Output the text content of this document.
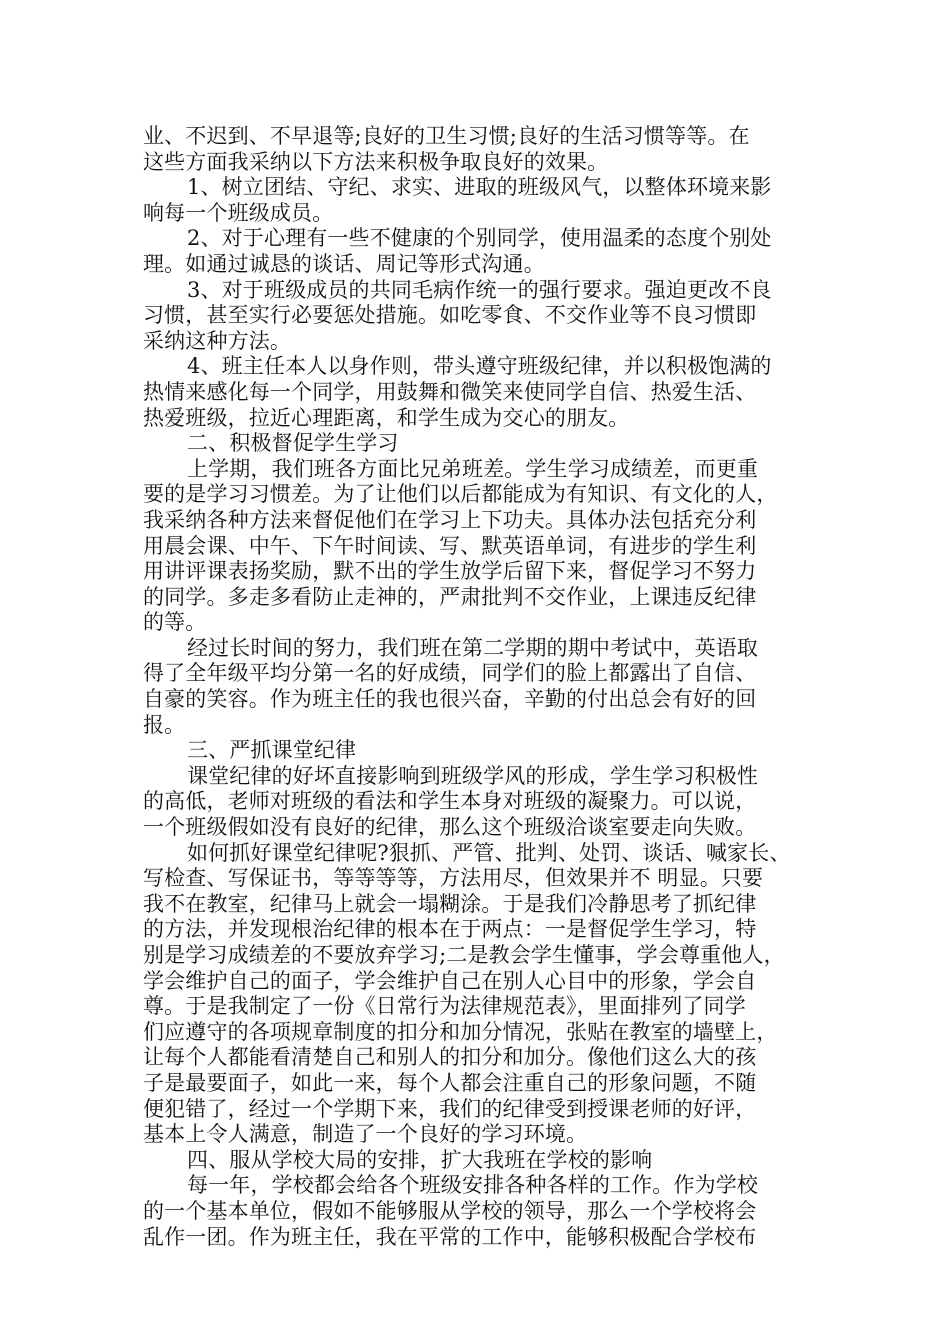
业、不迟到、不早退等;良好的卫生习惯;良好的生活习惯等等。在
这些方面我采纳以下方法来积极争取良好的效果。
1、树立团结、守纪、求实、进取的班级风气，以整体环境来影
响每一个班级成员。
2、对于心理有一些不健康的个别同学，使用温柔的态度个别处
理。如通过诚恳的谈话、周记等形式沟通。
3、对于班级成员的共同毛病作统一的强行要求。强迫更改不良
习惯，甚至实行必要惩处措施。如吃零食、不交作业等不良习惯即
采纳这种方法。
4、班主任本人以身作则，带头遵守班级纪律，并以积极饱满的
热情来感化每一个同学，用鼓舞和微笑来使同学自信、热爱生活、
热爱班级，拉近心理距离，和学生成为交心的朋友。
二、积极督促学生学习
上学期，我们班各方面比兄弟班差。学生学习成绩差，而更重
要的是学习习惯差。为了让他们以后都能成为有知识、有文化的人，
我采纳各种方法来督促他们在学习上下功夫。具体办法包括充分利
用晨会课、中午、下午时间读、写、默英语单词，有进步的学生利
用讲评课表扬奖励，默不出的学生放学后留下来，督促学习不努力
的同学。多走多看防止走神的，严肃批判不交作业，上课违反纪律
的等。
经过长时间的努力，我们班在第二学期的期中考试中，英语取
得了全年级平均分第一名的好成绩，同学们的脸上都露出了自信、
自豪的笑容。作为班主任的我也很兴奋，辛勤的付出总会有好的回
报。
三、严抓课堂纪律
课堂纪律的好坏直接影响到班级学风的形成，学生学习积极性
的高低，老师对班级的看法和学生本身对班级的凝聚力。可以说，
一个班级假如没有良好的纪律，那么这个班级洽谈室要走向失败。
如何抓好课堂纪律呢?狠抓、严管、批判、处罚、谈话、喊家长、
写检查、写保证书，等等等等，方法用尽，但效果并不 明显。只要
我不在教室，纪律马上就会一塌糊涂。于是我们冷静思考了抓纪律
的方法，并发现根治纪律的根本在于两点：一是督促学生学习，特
别是学习成绩差的不要放弃学习;二是教会学生懂事，学会尊重他人，
学会维护自己的面子，学会维护自己在别人心目中的形象，学会自
尊。于是我制定了一份《日常行为法律规范表》，里面排列了同学
们应遵守的各项规章制度的扣分和加分情况，张贴在教室的墙壁上，
让每个人都能看清楚自己和别人的扣分和加分。像他们这么大的孩
子是最要面子，如此一来，每个人都会注重自己的形象问题，不随
便犯错了，经过一个学期下来，我们的纪律受到授课老师的好评，
基本上令人满意，制造了一个良好的学习环境。
四、服从学校大局的安排，扩大我班在学校的影响
每一年，学校都会给各个班级安排各种各样的工作。作为学校
的一个基本单位，假如不能够服从学校的领导，那么一个学校将会
乱作一团。作为班主任，我在平常的工作中，能够积极配合学校布
